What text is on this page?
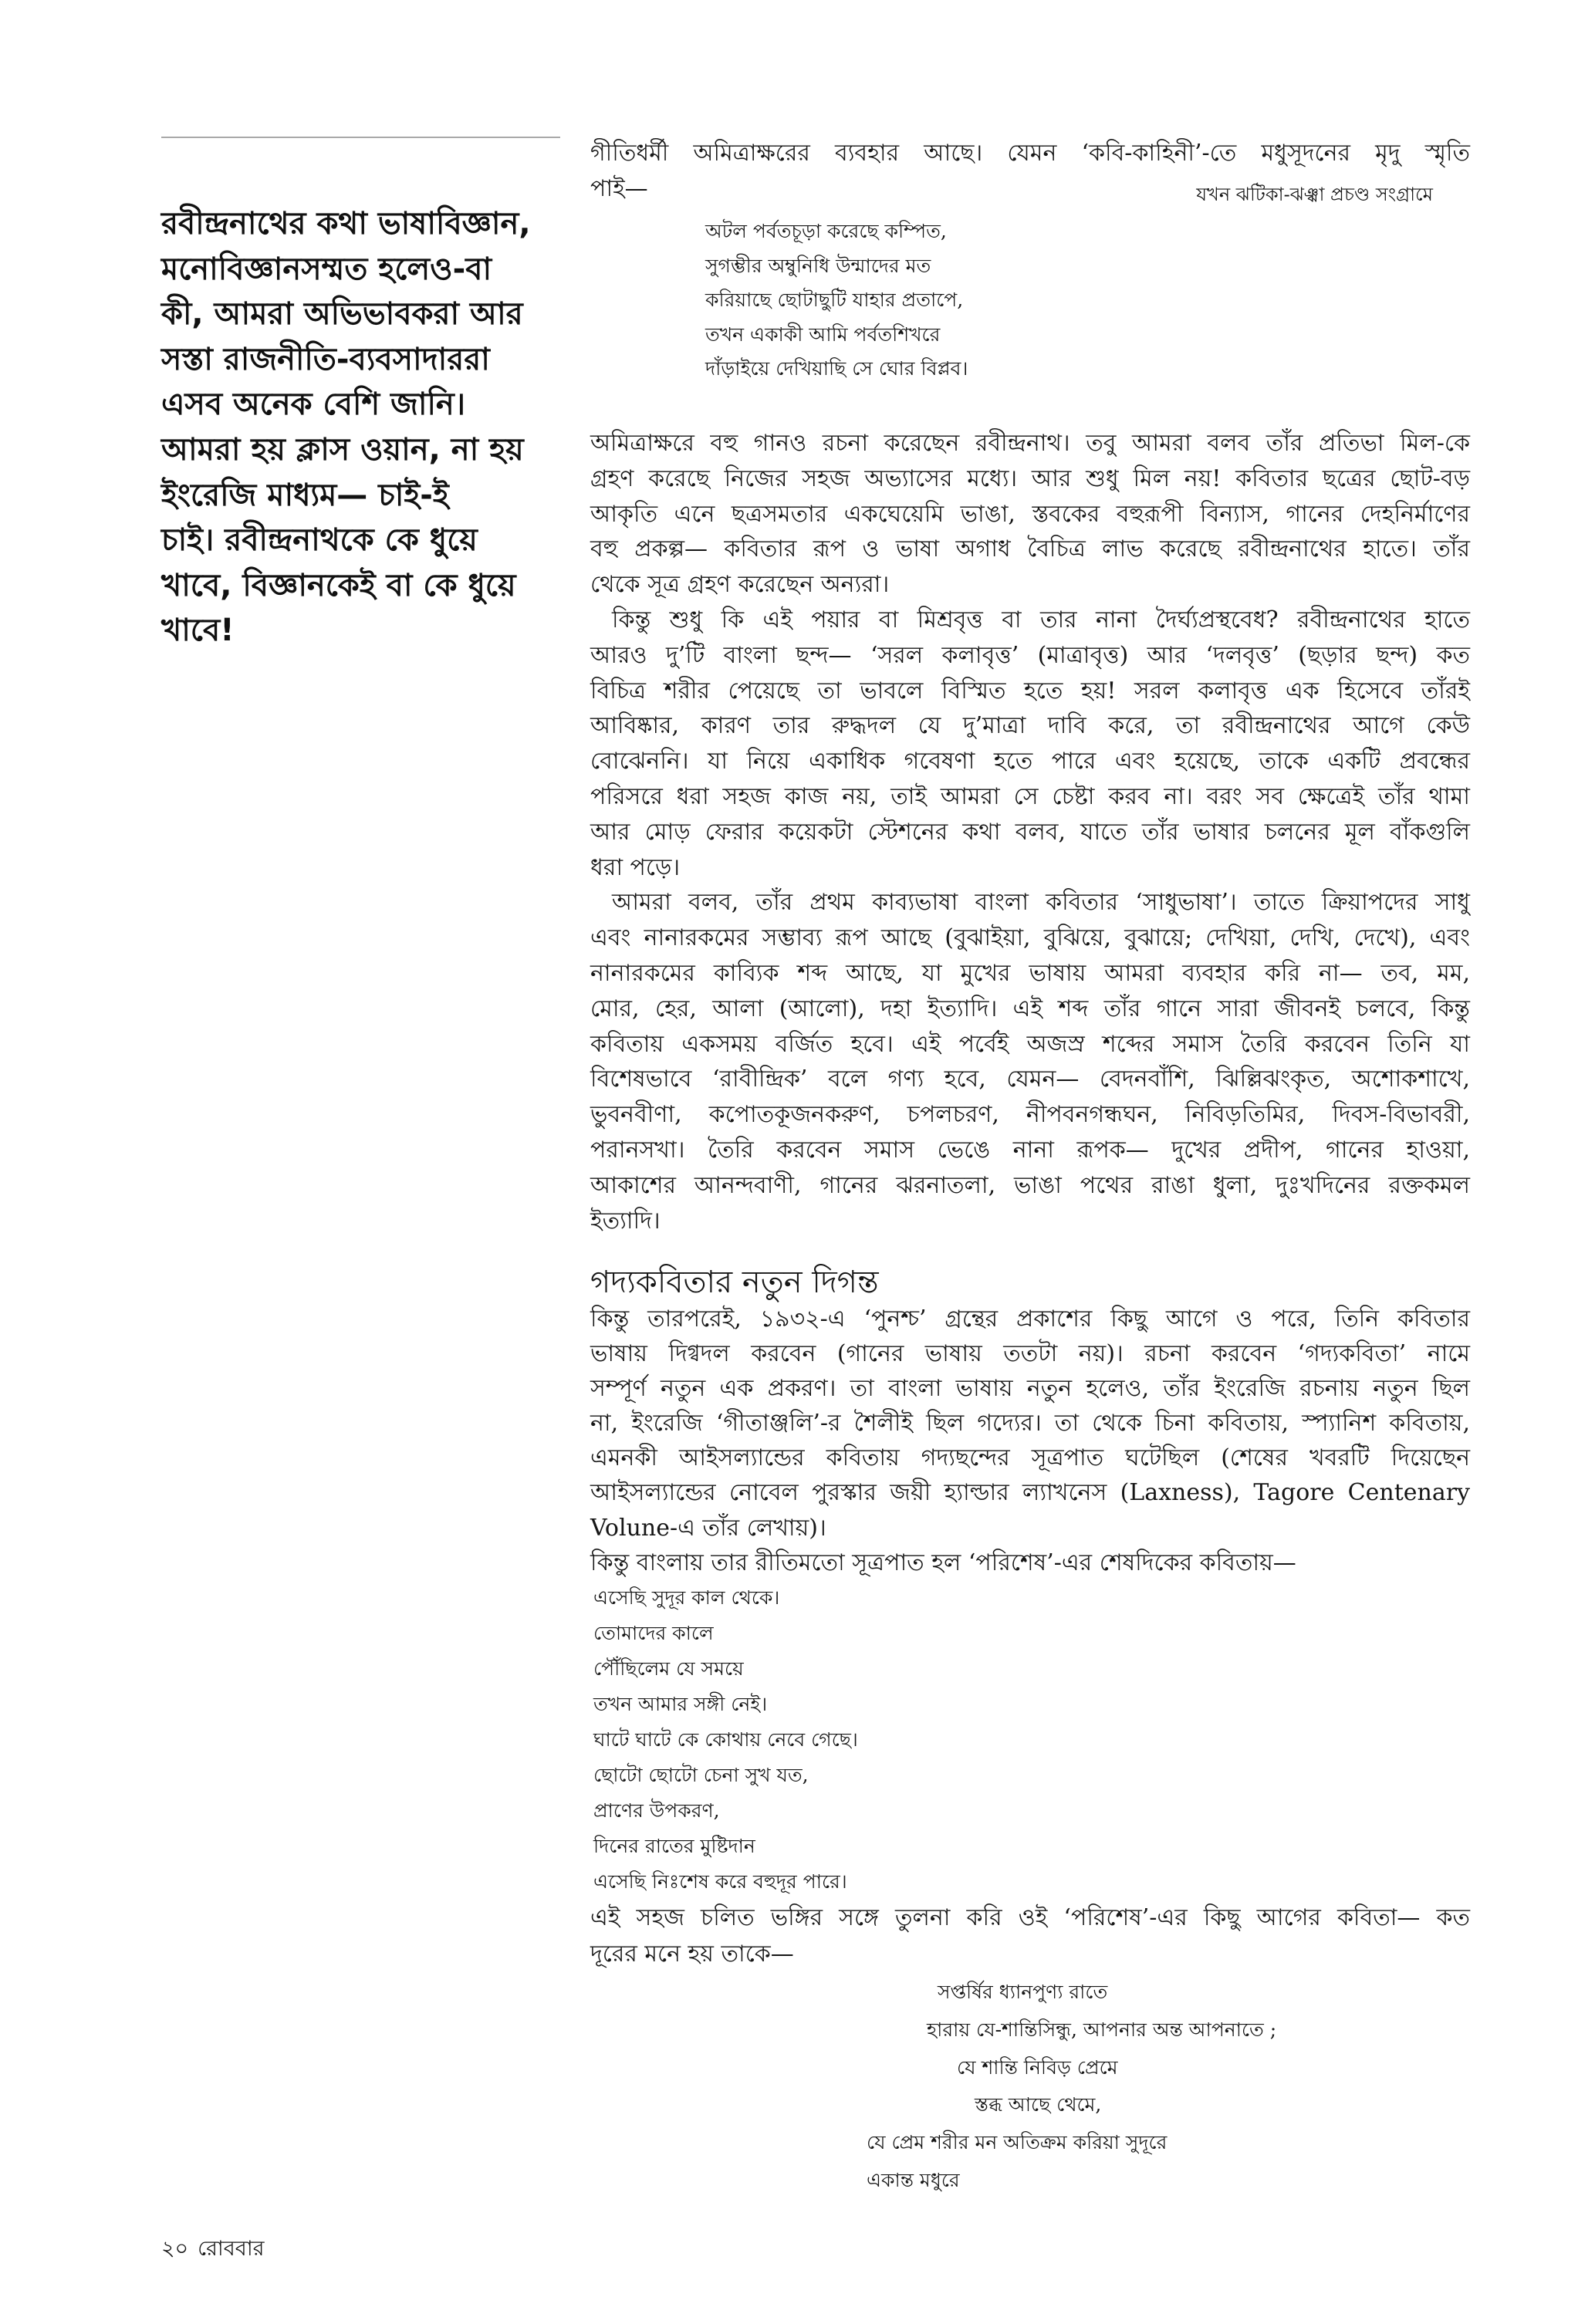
রবীন্দ্রনাথের কথা ভাষাবিজ্ঞান,
মনোবিজ্ঞানসম্মত হলেও-বা
কী, আমরা অভিভাবকরা আর
সস্তা রাজনীতি-ব্যবসাদাররা
এসব অনেক বেশি জানি।
আমরা হয় ক্লাস ওয়ান, না হয়
ইংরেজি মাধ্যম— চাই-ই
চাই। রবীন্দ্রনাথকে কে ধুয়ে
খাবে, বিজ্ঞানকেই বা কে ধুয়ে
খাবে!
গীতিধর্মী অমিত্রাক্ষরের ব্যবহার আছে। যেমন ‘কবি-কাহিনী’-তে মধুসূদনের মৃদু স্মৃতি
পাই—	যখন ঝটিকা-ঝঞ্ঝা প্রচণ্ড সংগ্রামে
অটল পর্বতচূড়া করেছে কম্পিত,
সুগম্ভীর অম্বুনিধি উন্মাদের মত
করিয়াছে ছোটাছুটি যাহার প্রতাপে,
তখন একাকী আমি পর্বতশিখরে
দাঁড়াইয়ে দেখিয়াছি সে ঘোর বিপ্লব।
অমিত্রাক্ষরে বহু গানও রচনা করেছেন রবীন্দ্রনাথ। তবু আমরা বলব তাঁর প্রতিভা মিল-কে
গ্রহণ করেছে নিজের সহজ অভ্যাসের মধ্যে। আর শুধু মিল নয়! কবিতার ছত্রের ছোট-বড়
আকৃতি এনে ছত্রসমতার একঘেয়েমি ভাঙা, স্তবকের বহুরূপী বিন্যাস, গানের দেহনির্মাণের
বহু প্রকল্প— কবিতার রূপ ও ভাষা অগাধ বৈচিত্র লাভ করেছে রবীন্দ্রনাথের হাতে। তাঁর
থেকে সূত্র গ্রহণ করেছেন অন্যরা।
কিন্তু শুধু কি এই পয়ার বা মিশ্রবৃত্ত বা তার নানা দৈর্ঘ্যপ্রস্থবেধ? রবীন্দ্রনাথের হাতে
আরও দু’টি বাংলা ছন্দ— ‘সরল কলাবৃত্ত’ (মাত্রাবৃত্ত) আর ‘দলবৃত্ত’ (ছড়ার ছন্দ) কত
বিচিত্র শরীর পেয়েছে তা ভাবলে বিস্মিত হতে হয়! সরল কলাবৃত্ত এক হিসেবে তাঁরই
আবিষ্কার, কারণ তার রুদ্ধদল যে দু’মাত্রা দাবি করে, তা রবীন্দ্রনাথের আগে কেউ
বোঝেননি। যা নিয়ে একাধিক গবেষণা হতে পারে এবং হয়েছে, তাকে একটি প্রবন্ধের
পরিসরে ধরা সহজ কাজ নয়, তাই আমরা সে চেষ্টা করব না। বরং সব ক্ষেত্রেই তাঁর থামা
আর মোড় ফেরার কয়েকটা স্টেশনের কথা বলব, যাতে তাঁর ভাষার চলনের মূল বাঁকগুলি
ধরা পড়ে।
আমরা বলব, তাঁর প্রথম কাব্যভাষা বাংলা কবিতার ‘সাধুভাষা’। তাতে ক্রিয়াপদের সাধু
এবং নানারকমের সম্ভাব্য রূপ আছে (বুঝাইয়া, বুঝিয়ে, বুঝায়ে; দেখিয়া, দেখি, দেখে), এবং
নানারকমের কাব্যিক শব্দ আছে, যা মুখের ভাষায় আমরা ব্যবহার করি না— তব, মম,
মোর, হের, আলা (আলো), দহা ইত্যাদি। এই শব্দ তাঁর গানে সারা জীবনই চলবে, কিন্তু
কবিতায় একসময় বর্জিত হবে। এই পর্বেই অজস্র শব্দের সমাস তৈরি করবেন তিনি যা
বিশেষভাবে ‘রাবীন্দ্রিক’ বলে গণ্য হবে, যেমন— বেদনবাঁশি, ঝিল্লিঝংকৃত, অশোকশাখে,
ভুবনবীণা, কপোতকূজনকরুণ, চপলচরণ, নীপবনগন্ধঘন, নিবিড়তিমির, দিবস-বিভাবরী,
পরানসখা। তৈরি করবেন সমাস ভেঙে নানা রূপক— দুখের প্রদীপ, গানের হাওয়া,
আকাশের আনন্দবাণী, গানের ঝরনাতলা, ভাঙা পথের রাঙা ধুলা, দুঃখদিনের রক্তকমল
ইত্যাদি।
গদ্যকবিতার নতুন দিগন্ত
কিন্তু তারপরেই, ১৯৩২-এ ‘পুনশ্চ’ গ্রন্থের প্রকাশের কিছু আগে ও পরে, তিনি কবিতার
ভাষায় দিগ্বদল করবেন (গানের ভাষায় ততটা নয়)। রচনা করবেন ‘গদ্যকবিতা’ নামে
সম্পূর্ণ নতুন এক প্রকরণ। তা বাংলা ভাষায় নতুন হলেও, তাঁর ইংরেজি রচনায় নতুন ছিল
না, ইংরেজি ‘গীতাঞ্জলি’-র শৈলীই ছিল গদ্যের। তা থেকে চিনা কবিতায়, স্প্যানিশ কবিতায়,
এমনকী আইসল্যান্ডের কবিতায় গদ্যছন্দের সূত্রপাত ঘটেছিল (শেষের খবরটি দিয়েছেন
আইসল্যান্ডের নোবেল পুরস্কার জয়ী হ্যাল্ডার ল্যাখনেস (Laxness), Tagore Centenary
Volune-এ তাঁর লেখায়)।
কিন্তু বাংলায় তার রীতিমতো সূত্রপাত হল ‘পরিশেষ’-এর শেষদিকের কবিতায়—
এসেছি সুদূর কাল থেকে।
তোমাদের কালে
পৌঁছিলেম যে সময়ে
তখন আমার সঙ্গী নেই।
ঘাটে ঘাটে কে কোথায় নেবে গেছে।
ছোটো ছোটো চেনা সুখ যত,
প্রাণের উপকরণ,
দিনের রাতের মুষ্টিদান
এসেছি নিঃশেষ করে বহুদূর পারে।
এই সহজ চলিত ভঙ্গির সঙ্গে তুলনা করি ওই ‘পরিশেষ’-এর কিছু আগের কবিতা— কত
দূরের মনে হয় তাকে—
সপ্তর্ষির ধ্যানপুণ্য রাতে
হারায় যে-শান্তিসিন্ধু, আপনার অন্ত আপনাতে ;
যে শান্তি নিবিড় প্রেমে
স্তব্ধ আছে থেমে,
যে প্রেম শরীর মন অতিক্রম করিয়া সুদূরে
একান্ত মধুরে
২০ রোববার
